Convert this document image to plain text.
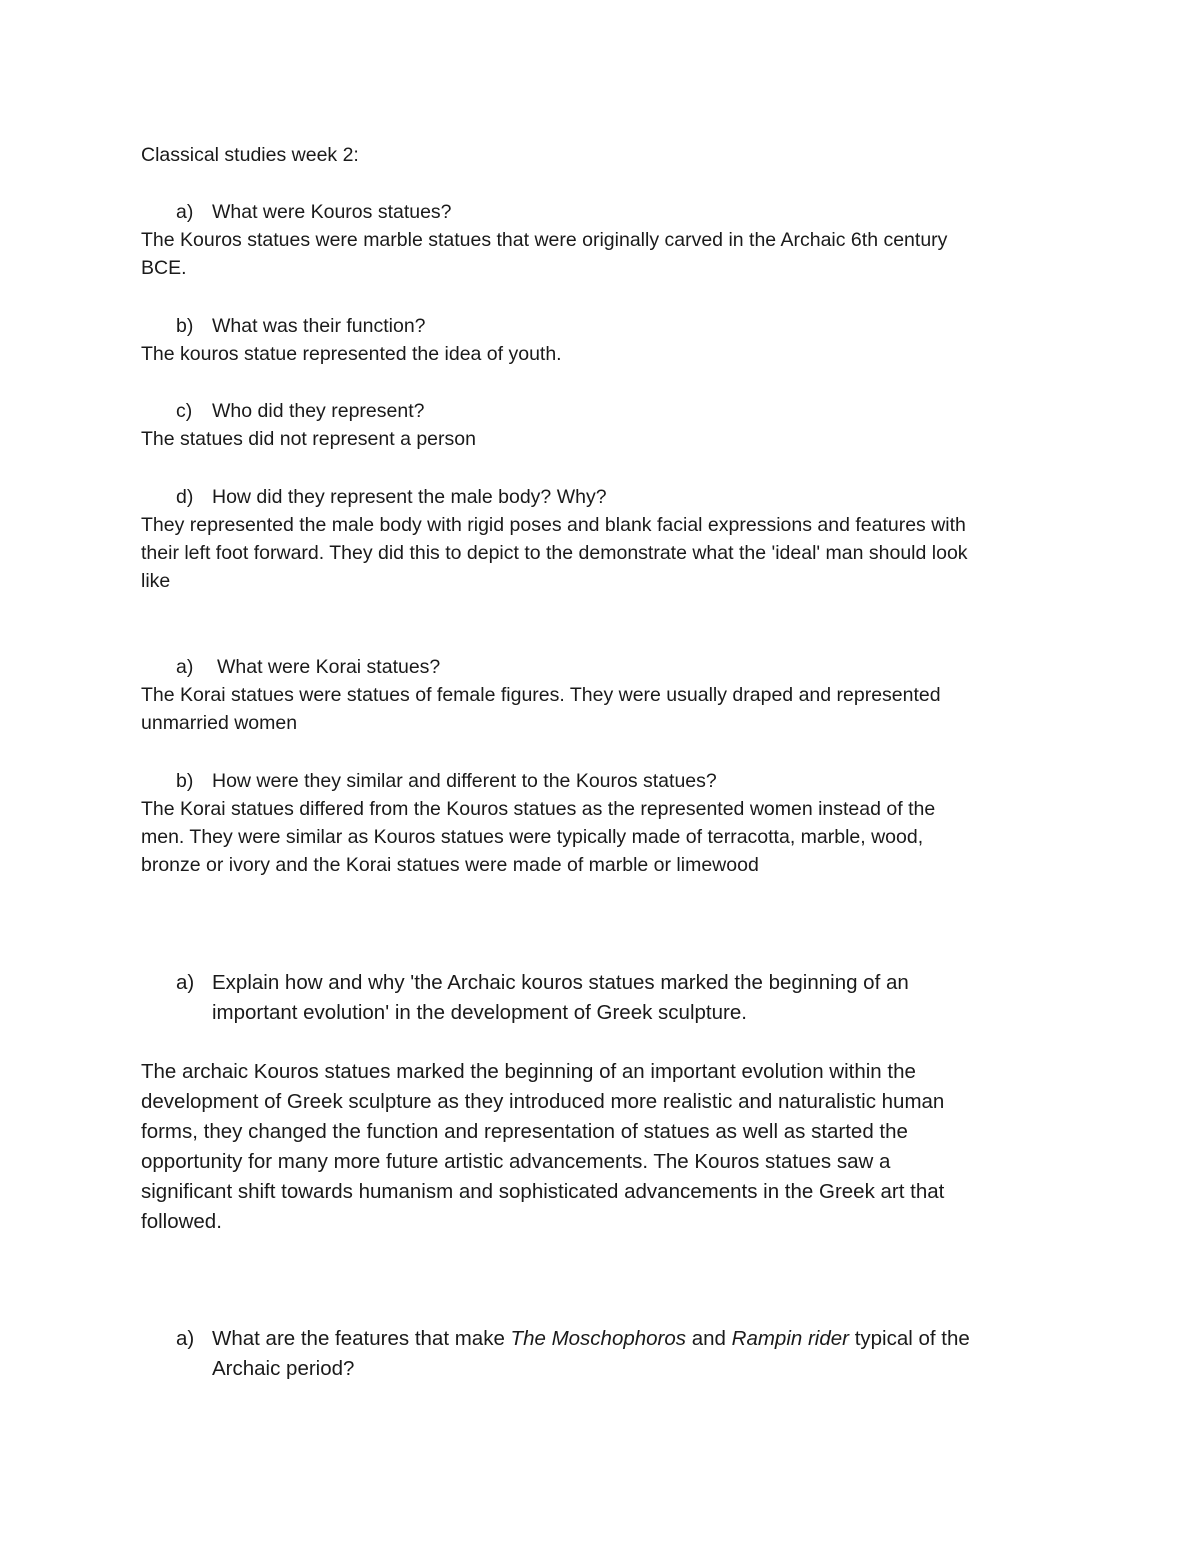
Classical studies week 2:

a) What were Kouros statues?

The Kouros statues were marble statues that were originally carved in the Archaic 6th century

BCE.

b) What was their function?

The kouros statue represented the idea of youth.

c) Who did they represent?

The statues did not represent a person

d) How did they represent the male body? Why?

They represented the male body with rigid poses and blank facial expressions and features with

their left foot forward. They did this to depict to the demonstrate what the 'ideal' man should look

like

a) What were Korai statues?

The Korai statues were statues of female figures. They were usually draped and represented

unmarried women

b) How were they similar and different to the Kouros statues?

The Korai statues differed from the Kouros statues as the represented women instead of the

men. They were similar as Kouros statues were typically made of terracotta, marble, wood,

bronze or ivory and the Korai statues were made of marble or limewood

a) Explain how and why 'the Archaic kouros statues marked the beginning of an
important evolution' in the development of Greek sculpture.

The archaic Kouros statues marked the beginning of an important evolution within the

development of Greek sculpture as they introduced more realistic and naturalistic human

forms, they changed the function and representation of statues as well as started the

opportunity for many more future artistic advancements. The Kouros statues saw a

significant shift towards humanism and sophisticated advancements in the Greek art that

followed.

a) What are the features that make The Moschophoros and Rampin rider typical of the
Archaic period?
